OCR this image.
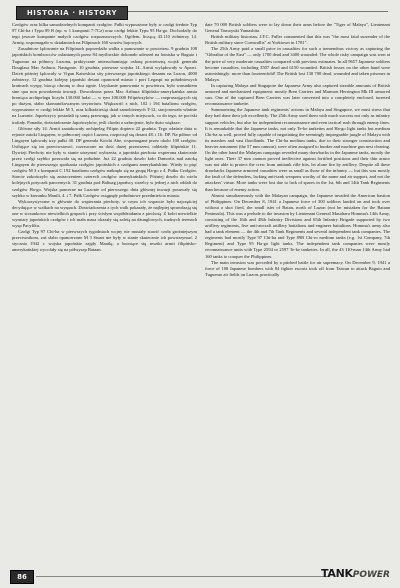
HISTORIA · HISTORY

Czołgów oraz kilka samodzielnych kompanii czołgów. Pułki wyposażone były w czołgi średnie Typ 97 Chi-ha i Typu 89 B (np. w 1 kompanii 7-7Cz) oraz czołgi lekkie Typu 95 Ha-go. Dochodziły do tego jeszcze kompanie małych czołgów rozpoznawczych. Ogółem, liczącą 43.110 żołnierzy 14. Armię, wspomagało w działaniach na Filipinach 160 wozów bojowych.

Zasadnicze lądowanie na Filipinach poprzedziło walka o panowanie w powietrzu. 9 grudnia 108 japońskich bombowców osłanianych przez 84 myśliwskie dokonało uderzeń na lotniska w Baguio i Tuguerao na północy Luzonu, praktycznie unieruchamiając osłonę powietrzną wojsk generała Douglasa Mac Arthura. Następnie, 10 grudnia, pierwsze wojska 14. Armii wylądowały w Aparri. Dzień później lądowały w Vigan Kaiseshira sity pierwszego japońskiego desantu na Luzon, 4000 żołnierzy. 12 grudnia kolejny japoński desant opanował miasto i port Legaspi na południowych krańcach wyspy, biorąc obronę w dwa ognie. Uzyskanie panowania w powietrzu, było warunkiem sine qua non powodzenia inwazji. Dowodzona przez Mac Arthura filipińsko-amerykańska armia broniąca archipelagu liczyła 130.000 ludzi — w tym 100.000 Filipińczyków — rozpraszających się po dużym, słabo skomunikowanym terytorium. Większość z nich, 102 i 194 batalionu czołgów, wyposażone w czołgi lekkie M 3, oraz kilkadziesiąt dział samobieżnych T-12, stacjonowała właśnie na Luzonie. Japończycy posiadali tę samą przewagę, jak w innych miejscach, co do tego, że pociski trafiały. Ponadto, doświadczenie Japończyków, jeśli chodzi o uzbrojenie, było dużo większe.

Główne siły 14. Armii zaatakowały archipelag Filipin dopiero 22 grudnia. Tego właśnie dnia w rejonie zatoki Lingayen, w północnej części Luzonu, rozpoczął się desant 48. i 16. DP. Na północ od Lingayen lądowały trzy pułki 48. DP generała Koichi Abe, wspomagane przez około 100 czołgów. Usiłujące się im przeciwstawić, rozrzucone na dość dużej przestrzeni, oddziały filipińskie 11. Dywizji Piechoty nie były w stanie utrzymać wybrzeża, a japońska piechota wspierana skutecznie przez czołgi szybko posuwała się na południe. Już 22 grudnia doszło koło Damortis nad zatoką Lingayen do pierwszego spotkania czołgów japońskich z czołgami amerykańskimi. Wtedy to pięć czołgów M 3 z kompanii C 192 batalionu czołgów natknęło się na grupę Ha-go z 4. Pułku Czołgów. Starcie zakończyło się zniszczeniem czterech czołgów amerykańskich. Później doszło do wielu kolejnych potyczek pancernych. 31 grudnia pod Baliuag japońscy strzelcy w jednej z nich oddali do czołgów Ha-go. Wojska pancerne na Luzonie od pierwszego dnia głównej inwazji posuwały się szybko w kierunku Manili, 4. i 7. Pułk Czołgów osiągnęły południowe przedmieścia miasta.

Wykorzystywane w głównie do wspierania piechoty, w czym ich wsparcie było najczęściej decydujące w walkach na wyspach. Doświadczenia z tych walk pokazały, że najlepiej sprawdzają się one w stosunkowo niewielkich grupach i przy ścisłym współdziałaniu z piechotą. Z kolei niewielkie wymiary japońskich czołgów i ich mała masa okazały się zaletą na dżunglowych, trudnych terenach wysp Pacyfiku.

Czołgi Typ 97 Chi-ha w pierwszych tygodniach wojny nie musiały stawić czoła groźniejszym przeciwnikom, zaś słabo opancerzone M 3 Stuart nie były w stanie skutecznie ich powstrzymać. 2 stycznia 1942 r. wojska japońskie zajęły Manilę, a broniące się resztki armii filipińsko-amerykańskiej wycofały się na półwysep Bataan.

date 70 000 British soldiers were to lay down their arms before the "Tiger of Malaya", Lieutenant General Tomoyuki Yamashita.

British military historian, J.F.C. Fuller commented that this was "the most fatal surrender of the British military since Cornwallis" at Yorktown in 1781".

The 25th Army paid a small price in casualties for such a tremendous victory as capturing the "Gibraltar of the East" — only 1700 dead and 3400 wounded. The whole risky campaign was won at the price of very moderate casualties compared with previous estimates. In all 9657 Japanese soldiers become casualties, including 3507 dead and 6150 wounded. British losses on the other hand were astonishingly: more than fourteenfold! The British lost 138 708 dead, wounded and taken prisoner in Malaya.

In capturing Malaya and Singapore the Japanese Army also captured sizeable amounts of British armored and mechanized equipment: mostly Bren Carriers and Marmon Herrington Mk III armored cars. One of the captured Bren Carriers was later converted into a completely enclosed, turreted reconnaissance tankette.

Summarizing the Japanese tank regiments' actions in Malaya and Singapore, we must stress that they had done their job excellently. The 25th Army used them with much success not only as infantry support vehicles, but also for independent reconnaissance and even tactical rush through enemy lines. It is remarkable that the Japanese tanks, not only Te-ke tankettes and Ha-go light tanks but medium Chi-ha as well, proved fully capable of negotiating the seemingly impregnable jungle of Malaya with its marshes and vast floodlands. The Chi-ha medium tanks, due to their stronger construction and heavier armament (the 57 mm cannon), were often assigned to bunker and machine gun nest clearing. On the other hand the Malayan campaign revealed many drawbacks in the Japanese tanks, mostly the light ones. Their 37 mm cannon proved ineffective against fortified positions and their thin armor was not able to protect the crew from antitank rifle hits, let alone fire by artillery. Despite all these drawbacks Japanese armored casualties were as small as those of the infantry — but this was mostly the fault of the defenders, lacking anti-tank weapons worthy of the name and air support, and not the attackers' virtue. More tanks were lost due to lack of spares in the 1st, 6th and 14th Tank Regiments than because of enemy action.

Almost simultaneously with the Malayan campaign, the Japanese invaded the American bastion of Philippines. On December 8, 1941 a Japanese force of 300 soldiers landed on and took over without a shot fired, the small islet of Batan, north of Luzon (not be mistaken for the Bataan Peninsula). This was a prelude to the invasion by Lieutenant General Masaharu Homma's 14th Army, consisting of the 16th and 48th Infantry Divisions and 65th Infantry Brigade supported by two artillery regiments, five anti-aircraft artillery battalions and engineer battalions. Homma's army also had a tank element — the 4th and 7th Tank Regiments and several independent tank companies. The regiments had mostly Type 97 Chi-ha and Type 89B Chi-ro medium tanks (e.g. 1st Company, 7th Regiment) and Type 95 Ha-go light tanks. The independent tank companies were mostly reconnaissance units with Type 2594 or 2597 Te-ke tankettes. In all, the 43 110-man 14th Army had 160 tanks to conquer the Philippines.

The main invasion was preceded by a pitched battle for air supremacy. On December 9, 1941 a force of 108 Japanese bombers with 84 fighter escorts took off from Taiwan to attack Baguio and Tuguerao air fields on Luzon, practically

86	TANK POWER
